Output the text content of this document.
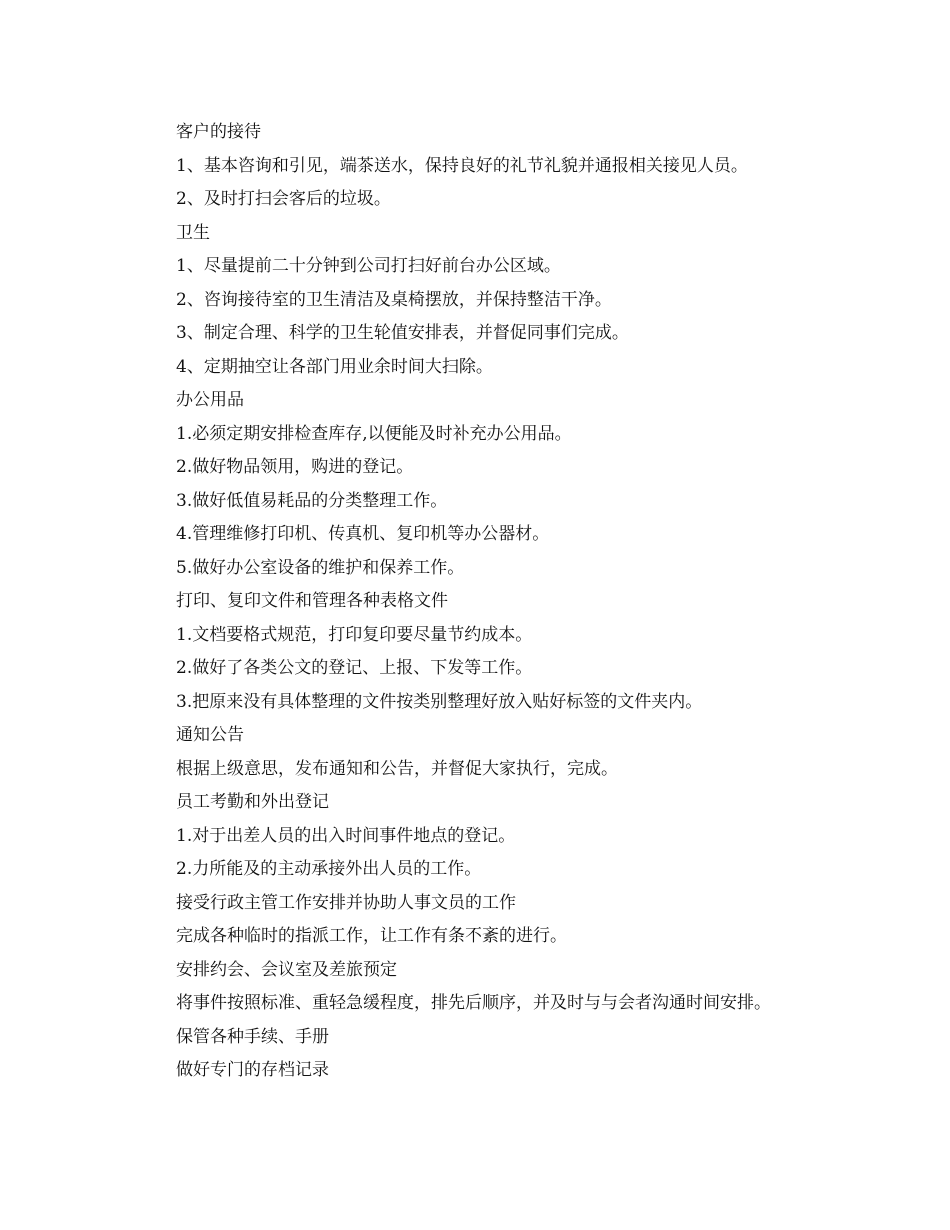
客户的接待

1、基本咨询和引见，端茶送水，保持良好的礼节礼貌并通报相关接见人员。

2、及时打扫会客后的垃圾。

卫生

1、尽量提前二十分钟到公司打扫好前台办公区域。

2、咨询接待室的卫生清洁及桌椅摆放，并保持整洁干净。

3、制定合理、科学的卫生轮值安排表，并督促同事们完成。

4、定期抽空让各部门用业余时间大扫除。

办公用品

1.必须定期安排检查库存,以便能及时补充办公用品。

2.做好物品领用，购进的登记。

3.做好低值易耗品的分类整理工作。

4.管理维修打印机、传真机、复印机等办公器材。

5.做好办公室设备的维护和保养工作。

打印、复印文件和管理各种表格文件

1.文档要格式规范，打印复印要尽量节约成本。

2.做好了各类公文的登记、上报、下发等工作。

3.把原来没有具体整理的文件按类别整理好放入贴好标签的文件夹内。

通知公告

根据上级意思，发布通知和公告，并督促大家执行，完成。

员工考勤和外出登记

1.对于出差人员的出入时间事件地点的登记。

2.力所能及的主动承接外出人员的工作。

接受行政主管工作安排并协助人事文员的工作

完成各种临时的指派工作，让工作有条不紊的进行。

安排约会、会议室及差旅预定

将事件按照标准、重轻急缓程度，排先后顺序，并及时与与会者沟通时间安排。

保管各种手续、手册

做好专门的存档记录
